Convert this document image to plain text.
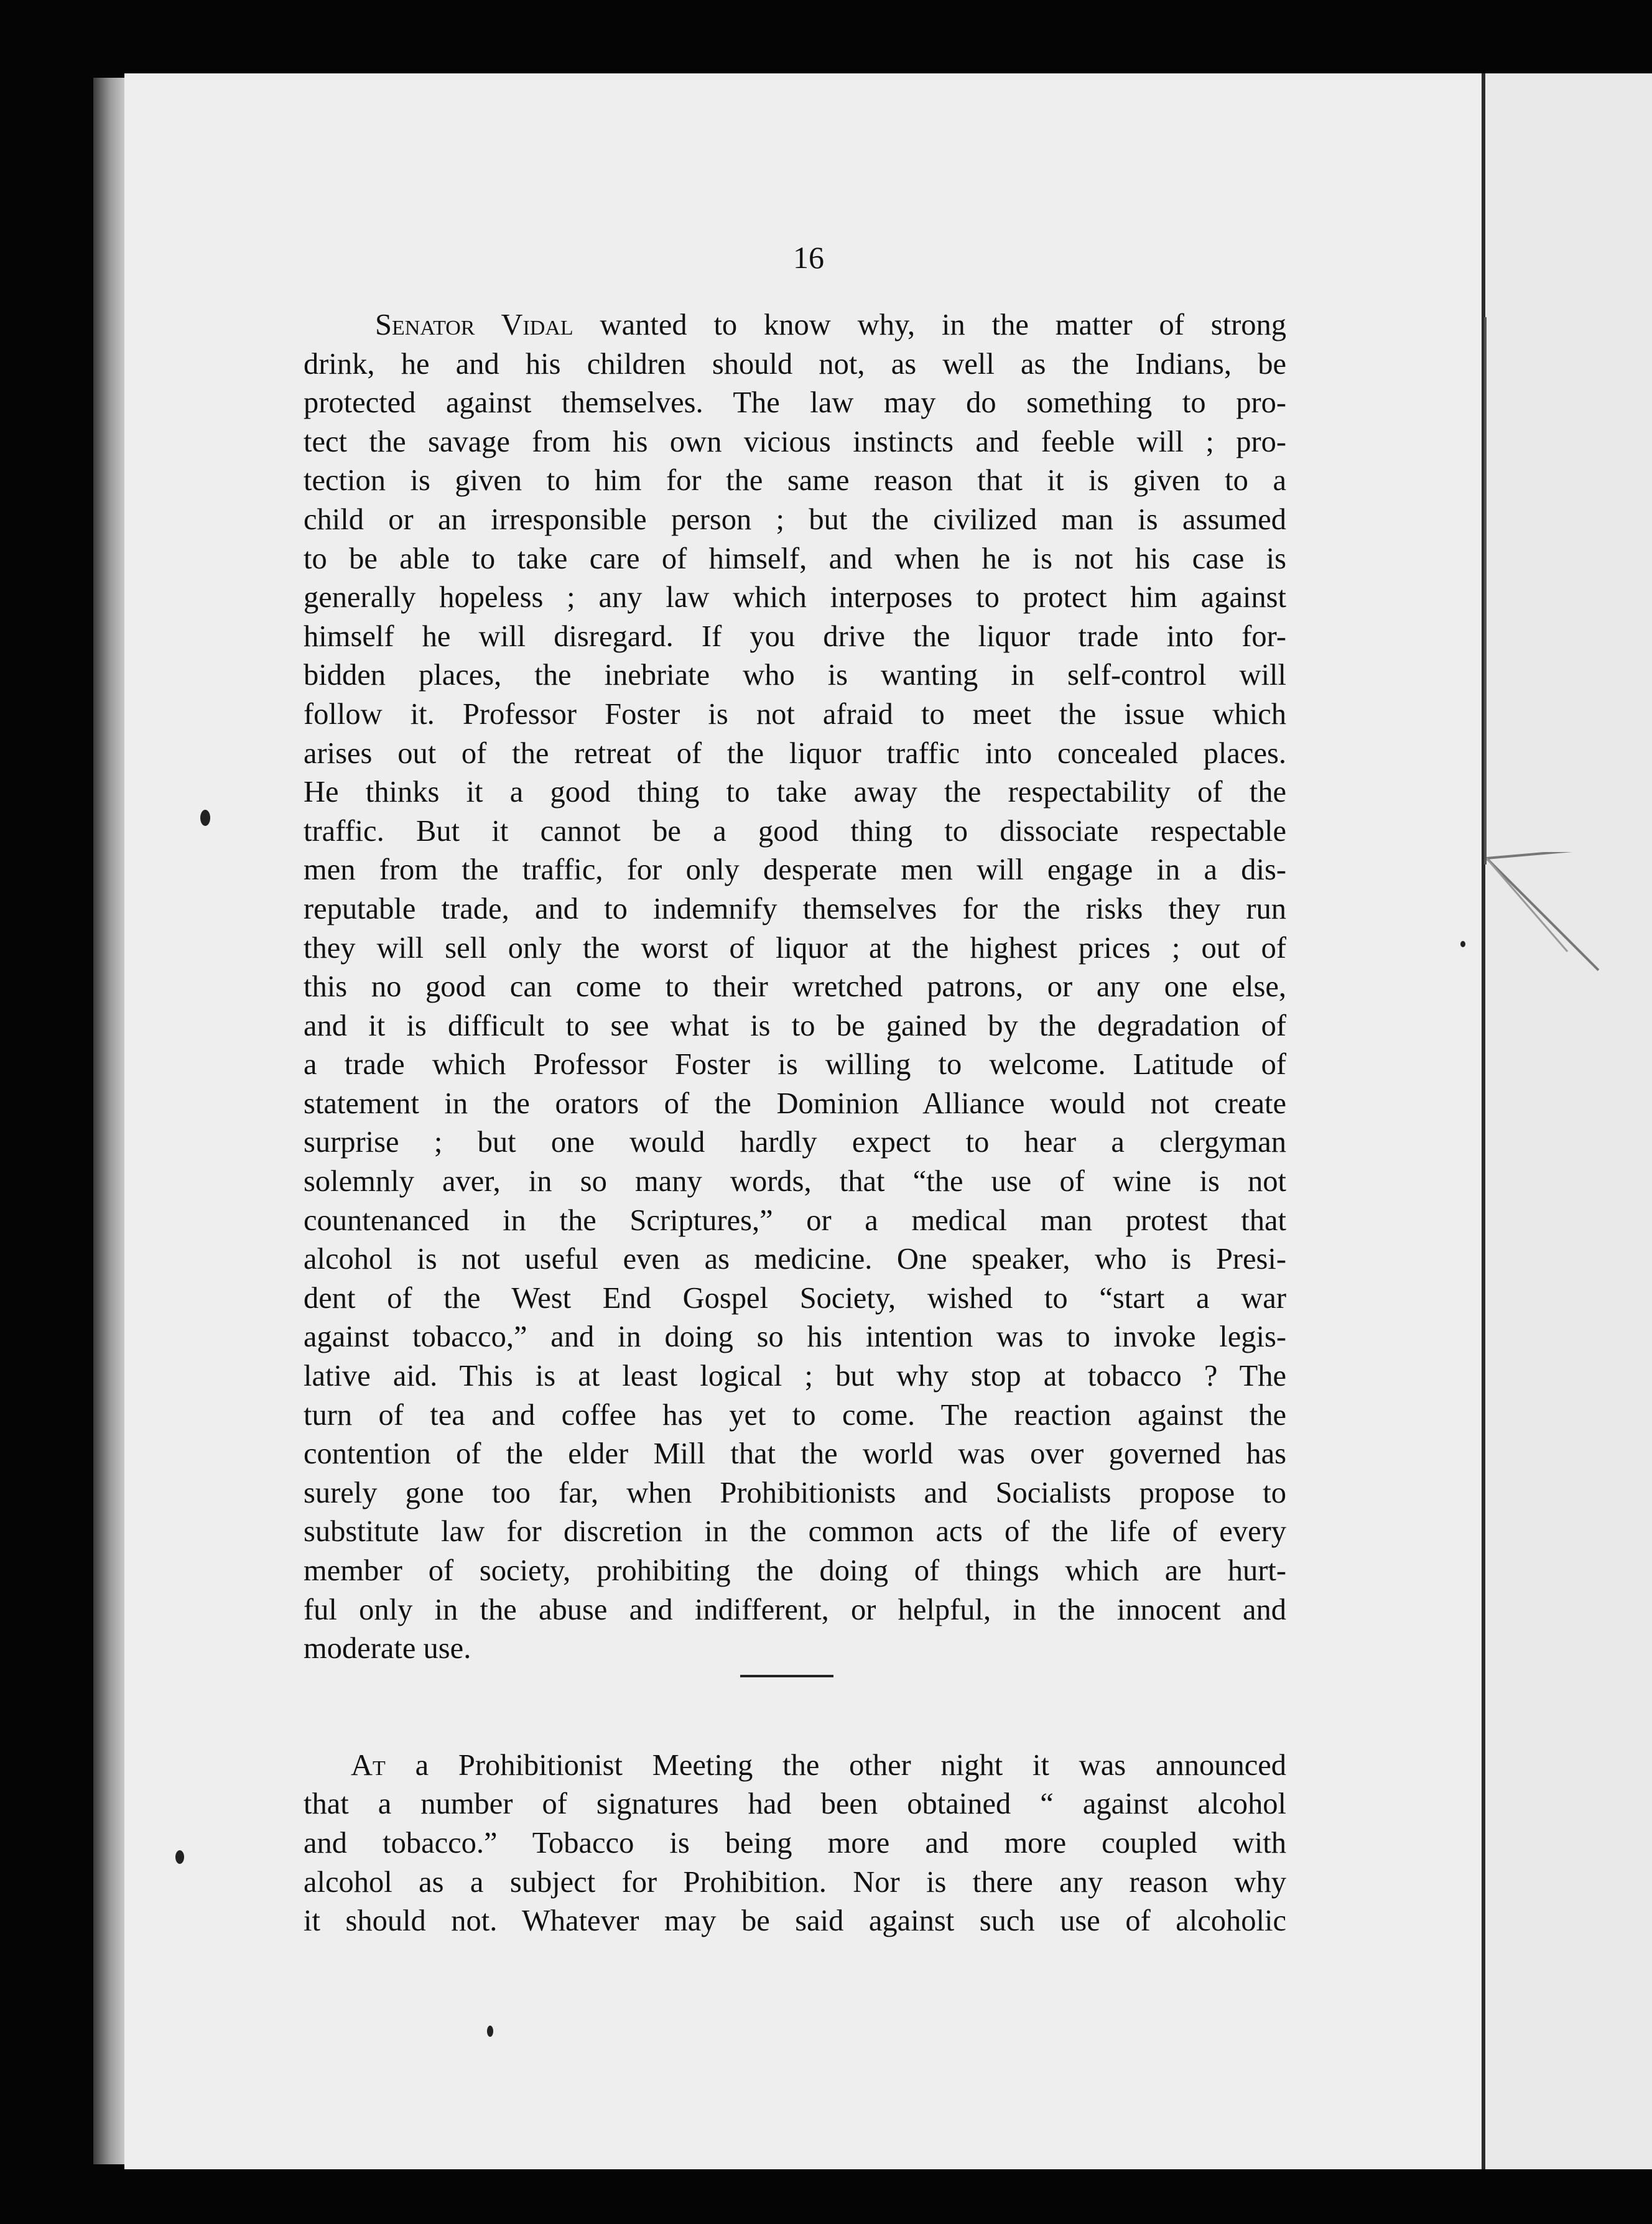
16
Senator Vidal wanted to know why, in the matter of strong
drink, he and his children should not, as well as the Indians, be
protected against themselves. The law may do something to pro-
tect the savage from his own vicious instincts and feeble will ; pro-
tection is given to him for the same reason that it is given to a
child or an irresponsible person ; but the civilized man is assumed
to be able to take care of himself, and when he is not his case is
generally hopeless ; any law which interposes to protect him against
himself he will disregard. If you drive the liquor trade into for-
bidden places, the inebriate who is wanting in self-control will
follow it. Professor Foster is not afraid to meet the issue which
arises out of the retreat of the liquor traffic into concealed places.
He thinks it a good thing to take away the respectability of the
traffic. But it cannot be a good thing to dissociate respectable
men from the traffic, for only desperate men will engage in a dis-
reputable trade, and to indemnify themselves for the risks they run
they will sell only the worst of liquor at the highest prices ; out of
this no good can come to their wretched patrons, or any one else,
and it is difficult to see what is to be gained by the degradation of
a trade which Professor Foster is willing to welcome. Latitude of
statement in the orators of the Dominion Alliance would not create
surprise ; but one would hardly expect to hear a clergyman
solemnly aver, in so many words, that “the use of wine is not
countenanced in the Scriptures,” or a medical man protest that
alcohol is not useful even as medicine. One speaker, who is Presi-
dent of the West End Gospel Society, wished to “start a war
against tobacco,” and in doing so his intention was to invoke legis-
lative aid. This is at least logical ; but why stop at tobacco ? The
turn of tea and coffee has yet to come. The reaction against the
contention of the elder Mill that the world was over governed has
surely gone too far, when Prohibitionists and Socialists propose to
substitute law for discretion in the common acts of the life of every
member of society, prohibiting the doing of things which are hurt-
ful only in the abuse and indifferent, or helpful, in the innocent and
moderate use.
At a Prohibitionist Meeting the other night it was announced
that a number of signatures had been obtained “ against alcohol
and tobacco.” Tobacco is being more and more coupled with
alcohol as a subject for Prohibition. Nor is there any reason why
it should not. Whatever may be said against such use of alcoholic
